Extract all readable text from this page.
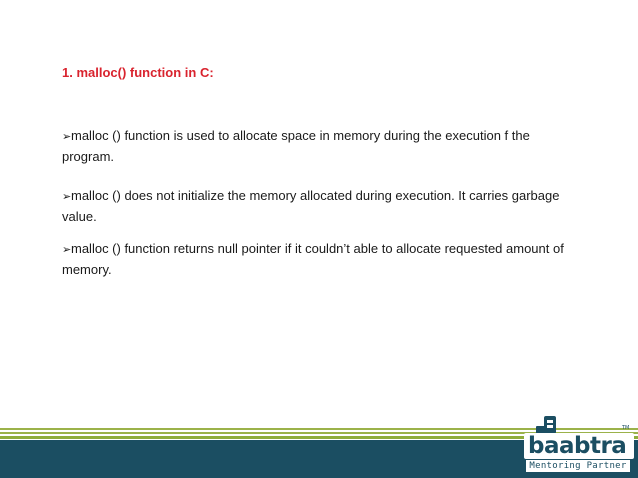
1. malloc() function in C:
➢malloc () function is used to allocate space in memory during the execution f the program.
➢malloc () does not initialize the memory allocated during execution. It carries garbage value.
➢malloc () function returns null pointer if it couldn’t able to allocate requested amount of memory.
TM
baabtra
Mentoring Partner
